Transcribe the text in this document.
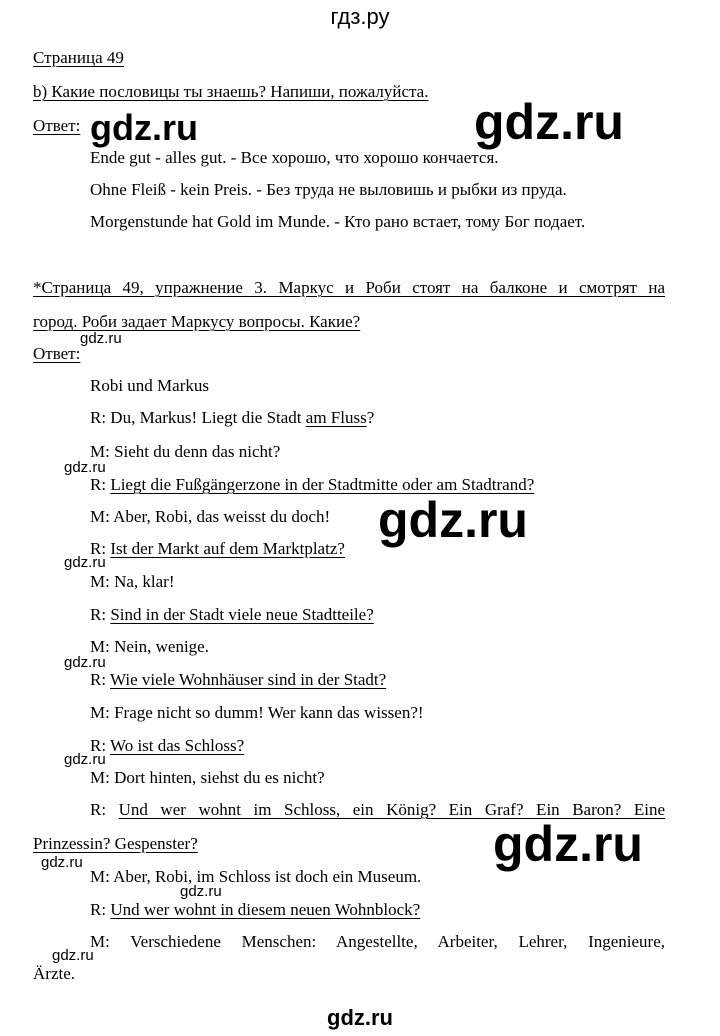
гдз.ру
gdz.ru
Страница 49
b) Какие пословицы ты знаешь? Напиши, пожалуйста.
Ответ:
Ende gut - alles gut. - Все хорошо, что хорошо кончается.
Ohne Fleiß - kein Preis. - Без труда не выловишь и рыбки из пруда.
Morgenstunde hat Gold im Munde. - Кто рано встает, тому Бог подает.
*Страница 49, упражнение 3. Маркус и Роби стоят на балконе и смотрят на
город. Роби задает Маркусу вопросы. Какие?
Ответ:
Robi und Markus
R: Du, Markus! Liegt die Stadt am Fluss?
M: Sieht du denn das nicht?
R: Liegt die Fußgängerzone in der Stadtmitte oder am Stadtrand?
M: Aber, Robi, das weisst du doch!
R: Ist der Markt auf dem Marktplatz?
M: Na, klar!
R: Sind in der Stadt viele neue Stadtteile?
M: Nein, wenige.
R: Wie viele Wohnhäuser sind in der Stadt?
M: Frage nicht so dumm! Wer kann das wissen?!
R: Wo ist das Schloss?
M: Dort hinten, siehst du es nicht?
R: Und wer wohnt im Schloss, ein König? Ein Graf? Ein Baron? Eine
Prinzessin? Gespenster?
M: Aber, Robi, im Schloss ist doch ein Museum.
R: Und wer wohnt in diesem neuen Wohnblock?
M: Verschiedene Menschen: Angestellte, Arbeiter, Lehrer, Ingenieure,
Ärzte.
gdz.ru
gdz.ru
gdz.ru
gdz.ru
gdz.ru
gdz.ru
gdz.ru
gdz.ru
gdz.ru
gdz.ru
gdz.ru
gdz.ru
